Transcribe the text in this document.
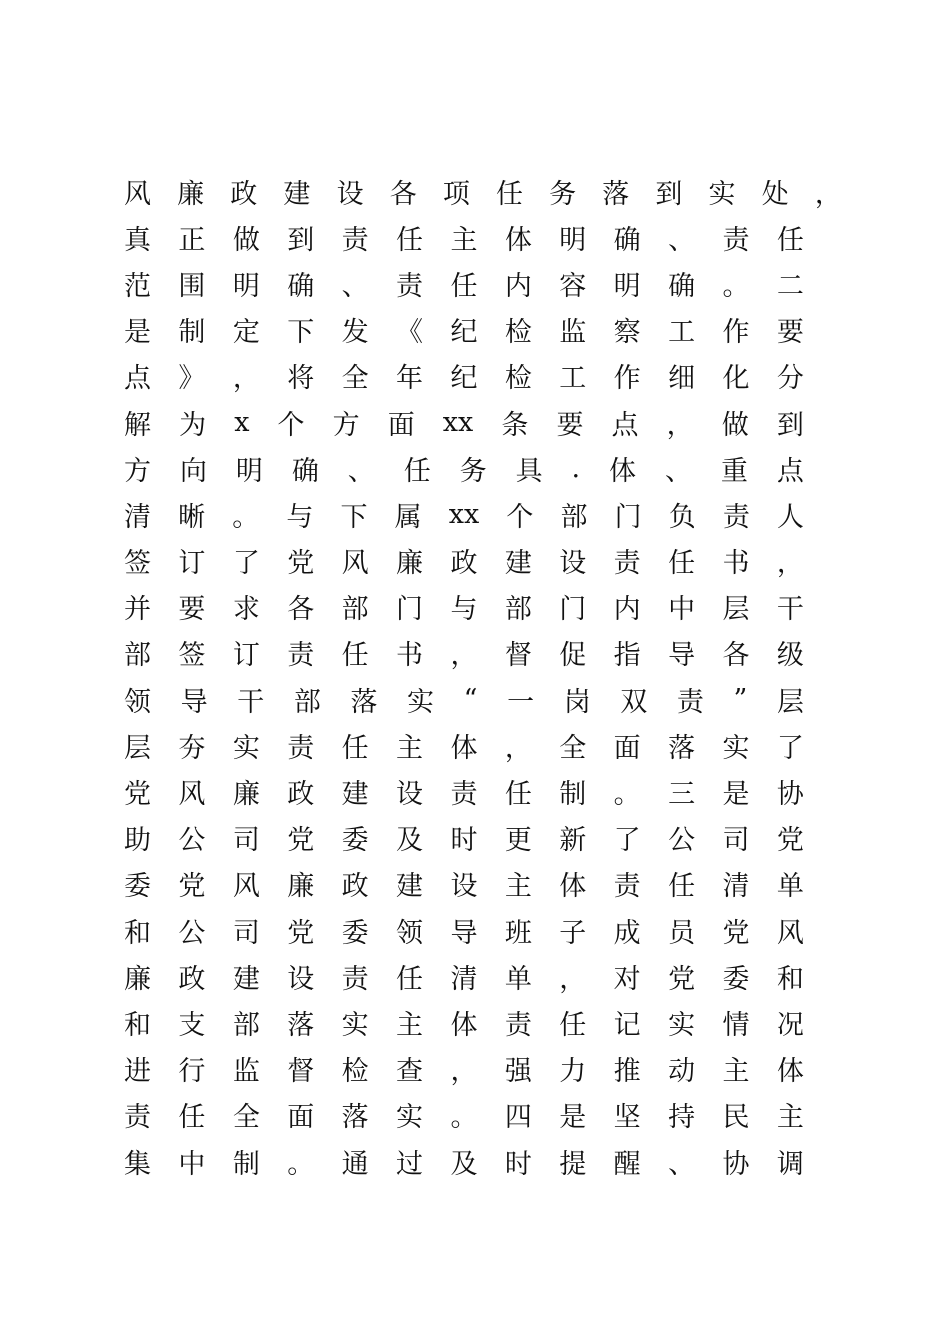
风 廉 政 建 设 各 项 任 务 落 到 实 处 ，
真 正 做 到 责 任 主 体 明 确 、 责 任
范 围 明 确 、 责 任 内 容 明 确 。 二
是 制 定 下 发 《 纪 检 监 察 工 作 要
点 》 ， 将 全 年 纪 检 工 作 细 化 分
解 为 x 个 方 面 xx 条 要 点 ， 做 到
方 向 明 确 、 任 务 具 . 体 、 重 点
清 晰 。 与 下 属 xx 个 部 门 负 责 人
签 订 了 党 风 廉 政 建 设 责 任 书 ，
并 要 求 各 部 门 与 部 门 内 中 层 干
部 签 订 责 任 书 ， 督 促 指 导 各 级
领 导 干 部 落 实 “ 一 岗 双 责 ” 层
层 夯 实 责 任 主 体 ， 全 面 落 实 了
党 风 廉 政 建 设 责 任 制 。 三 是 协
助 公 司 党 委 及 时 更 新 了 公 司 党
委 党 风 廉 政 建 设 主 体 责 任 清 单
和 公 司 党 委 领 导 班 子 成 员 党 风
廉 政 建 设 责 任 清 单 ， 对 党 委 和
和 支 部 落 实 主 体 责 任 记 实 情 况
进 行 监 督 检 查 ， 强 力 推 动 主 体
责 任 全 面 落 实 。 四 是 坚 持 民 主
集 中 制 。 通 过 及 时 提 醒 、 协 调
